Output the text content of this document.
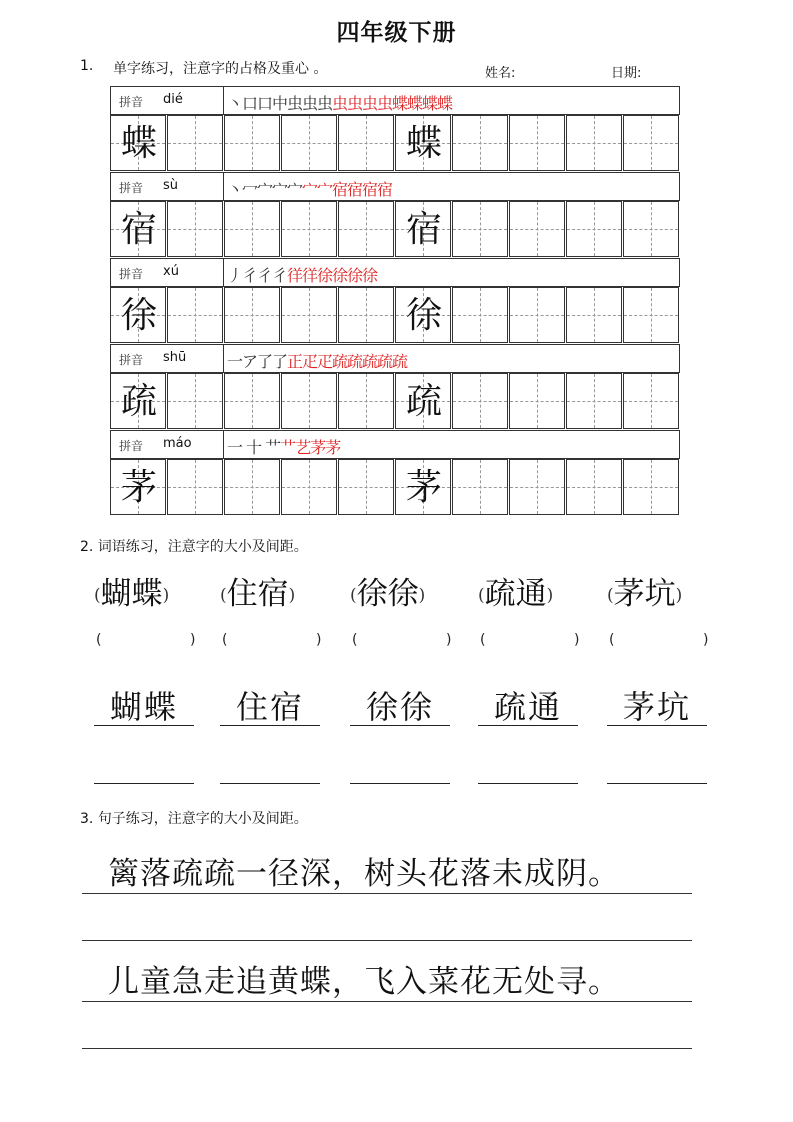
四年级下册
1. 单字练习，注意字的占格及重心 。	姓名:	日期:
拼音 dié	丶口口中虫虫虫虫虫虫虫蝶蝶蝶蝶
蝶	蝶
拼音 sù	丶冖宀宀宀宀宀宿宿宿宿
宿	宿
拼音 xú	丿彳彳彳徉徉徐徐徐徐
徐	徐
拼音 shū	一ア了了正疋疋疏疏疏疏疏
疏	疏
拼音 máo 一 十 艹艹艺茅茅
茅	茅
2. 词语练习，注意字的大小及间距。
(蝴蝶)
(	)
蝴蝶
(住宿)
(	)
住宿
(徐徐)
(	)
徐徐
(疏通)
(	)
疏通
(茅坑)
(	)
茅坑
3. 句子练习，注意字的大小及间距。
篱落疏疏一径深，树头花落未成阴。
儿童急走追黄蝶，飞入菜花无处寻。
